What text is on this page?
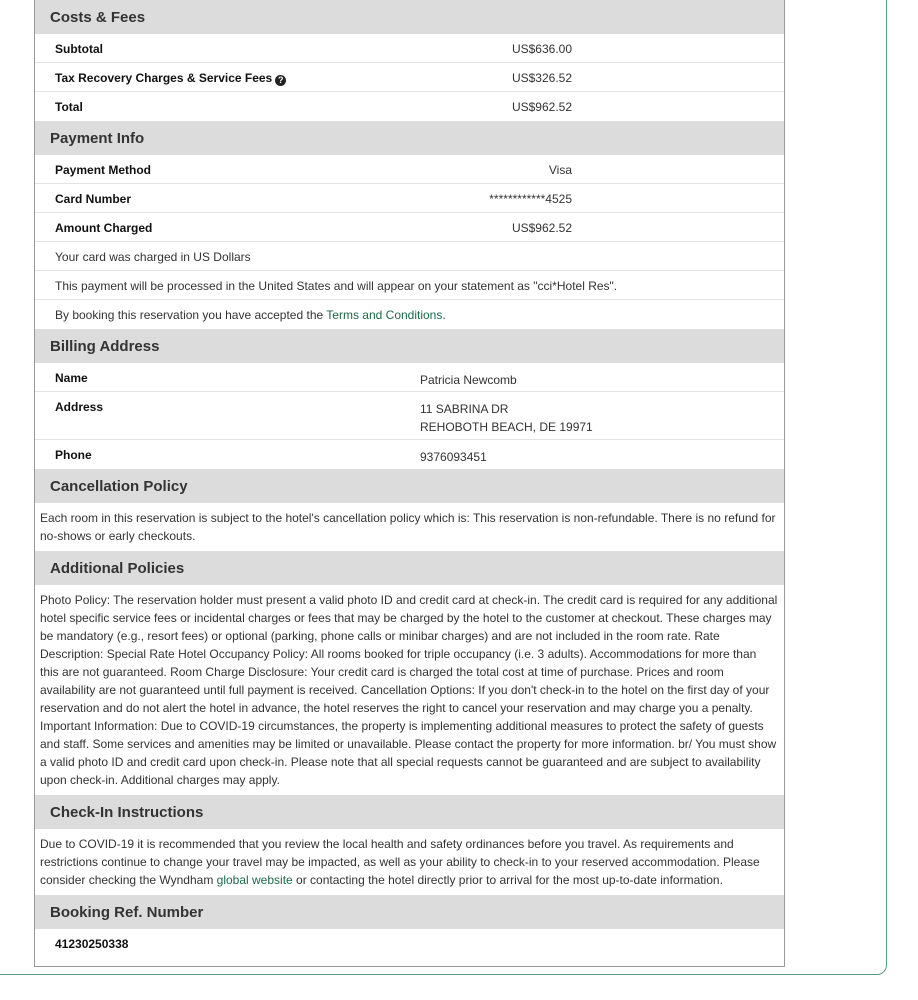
Costs & Fees
Subtotal	US$636.00
Tax Recovery Charges & Service Fees ?	US$326.52
Total	US$962.52
Payment Info
Payment Method	Visa
Card Number	************4525
Amount Charged	US$962.52
Your card was charged in US Dollars
This payment will be processed in the United States and will appear on your statement as "cci*Hotel Res".
By booking this reservation you have accepted the Terms and Conditions.
Billing Address
Name	Patricia Newcomb
Address	11 SABRINA DR
REHOBOTH BEACH, DE 19971
Phone	9376093451
Cancellation Policy
Each room in this reservation is subject to the hotel's cancellation policy which is: This reservation is non-refundable. There is no refund for no-shows or early checkouts.
Additional Policies
Photo Policy: The reservation holder must present a valid photo ID and credit card at check-in. The credit card is required for any additional hotel specific service fees or incidental charges or fees that may be charged by the hotel to the customer at checkout. These charges may be mandatory (e.g., resort fees) or optional (parking, phone calls or minibar charges) and are not included in the room rate. Rate Description: Special Rate Hotel Occupancy Policy: All rooms booked for triple occupancy (i.e. 3 adults). Accommodations for more than this are not guaranteed. Room Charge Disclosure: Your credit card is charged the total cost at time of purchase. Prices and room availability are not guaranteed until full payment is received. Cancellation Options: If you don't check-in to the hotel on the first day of your reservation and do not alert the hotel in advance, the hotel reserves the right to cancel your reservation and may charge you a penalty. Important Information: Due to COVID-19 circumstances, the property is implementing additional measures to protect the safety of guests and staff. Some services and amenities may be limited or unavailable. Please contact the property for more information. br/ You must show a valid photo ID and credit card upon check-in. Please note that all special requests cannot be guaranteed and are subject to availability upon check-in. Additional charges may apply.
Check-In Instructions
Due to COVID-19 it is recommended that you review the local health and safety ordinances before you travel. As requirements and restrictions continue to change your travel may be impacted, as well as your ability to check-in to your reserved accommodation. Please consider checking the Wyndham global website or contacting the hotel directly prior to arrival for the most up-to-date information.
Booking Ref. Number
41230250338
